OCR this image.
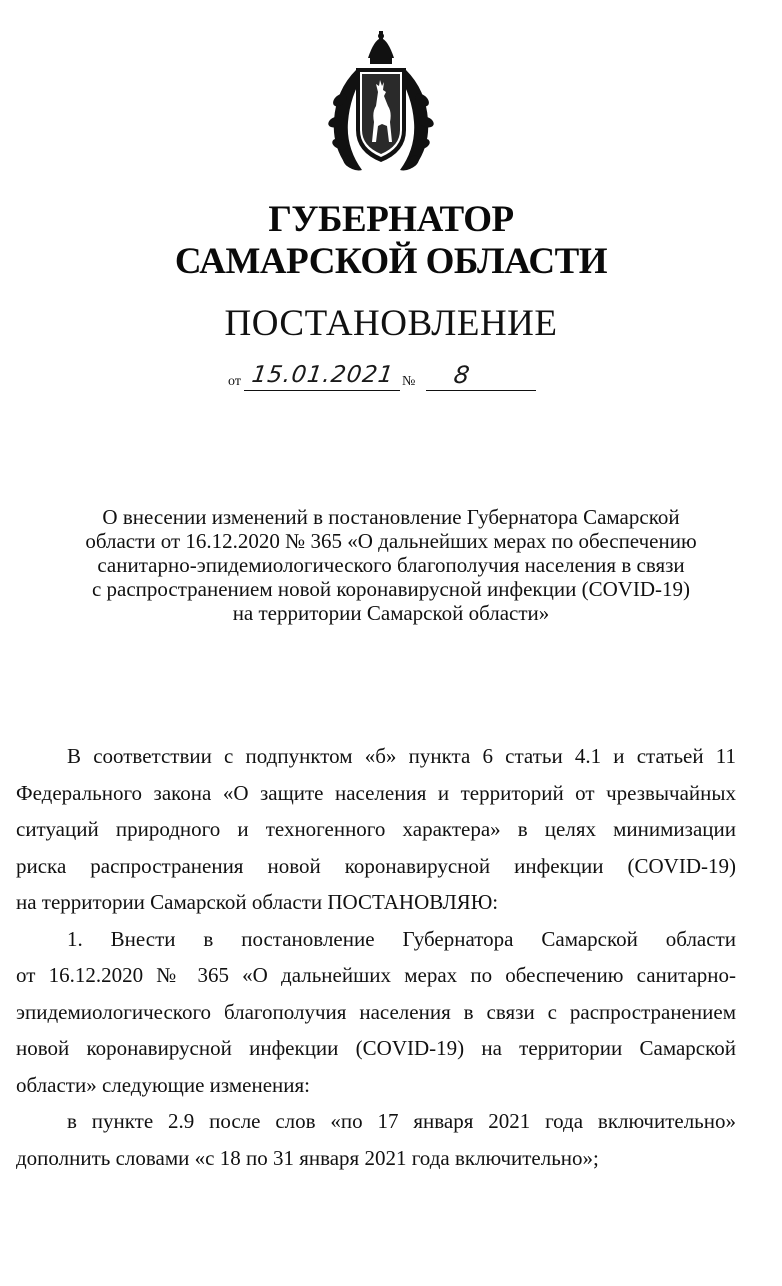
ГУБЕРНАТОР
САМАРСКОЙ ОБЛАСТИ
ПОСТАНОВЛЕНИЕ
от 15.01.2021 № 8
О внесении изменений в постановление Губернатора Самарской
области от 16.12.2020 № 365 «О дальнейших мерах по обеспечению
санитарно-эпидемиологического благополучия населения в связи
с распространением новой коронавирусной инфекции (COVID-19)
на территории Самарской области»
В соответствии с подпунктом «б» пункта 6 статьи 4.1 и статьей 11
Федерального закона «О защите населения и территорий от чрезвычайных
ситуаций природного и техногенного характера» в целях минимизации
риска распространения новой коронавирусной инфекции (COVID-19)
на территории Самарской области ПОСТАНОВЛЯЮ:
1. Внести в постановление Губернатора Самарской области
от 16.12.2020 № 365 «О дальнейших мерах по обеспечению санитарно-
эпидемиологического благополучия населения в связи с распространением
новой коронавирусной инфекции (COVID-19) на территории Самарской
области» следующие изменения:
в пункте 2.9 после слов «по 17 января 2021 года включительно»
дополнить словами «с 18 по 31 января 2021 года включительно»;
